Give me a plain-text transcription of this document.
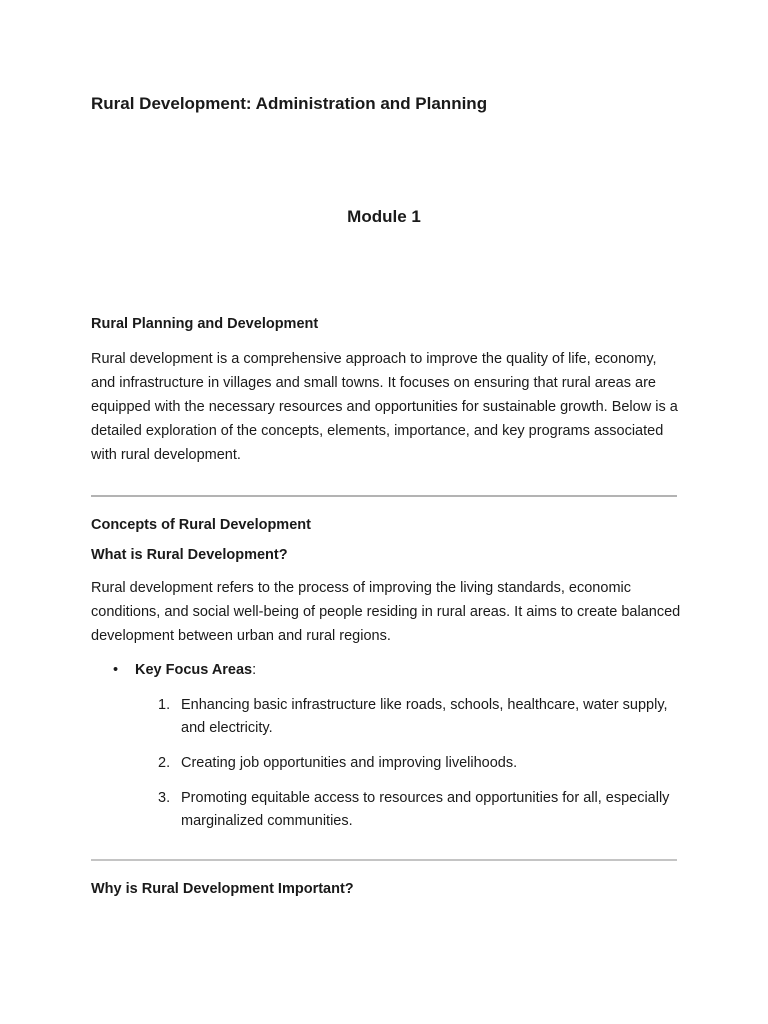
Rural Development: Administration and Planning
Module 1
Rural Planning and Development

Rural development is a comprehensive approach to improve the quality of life, economy, and infrastructure in villages and small towns. It focuses on ensuring that rural areas are equipped with the necessary resources and opportunities for sustainable growth. Below is a detailed exploration of the concepts, elements, importance, and key programs associated with rural development.

Concepts of Rural Development
What is Rural Development?

Rural development refers to the process of improving the living standards, economic conditions, and social well-being of people residing in rural areas. It aims to create balanced development between urban and rural regions.

• Key Focus Areas:
1. Enhancing basic infrastructure like roads, schools, healthcare, water supply, and electricity.
2. Creating job opportunities and improving livelihoods.
3. Promoting equitable access to resources and opportunities for all, especially marginalized communities.
Why is Rural Development Important?
